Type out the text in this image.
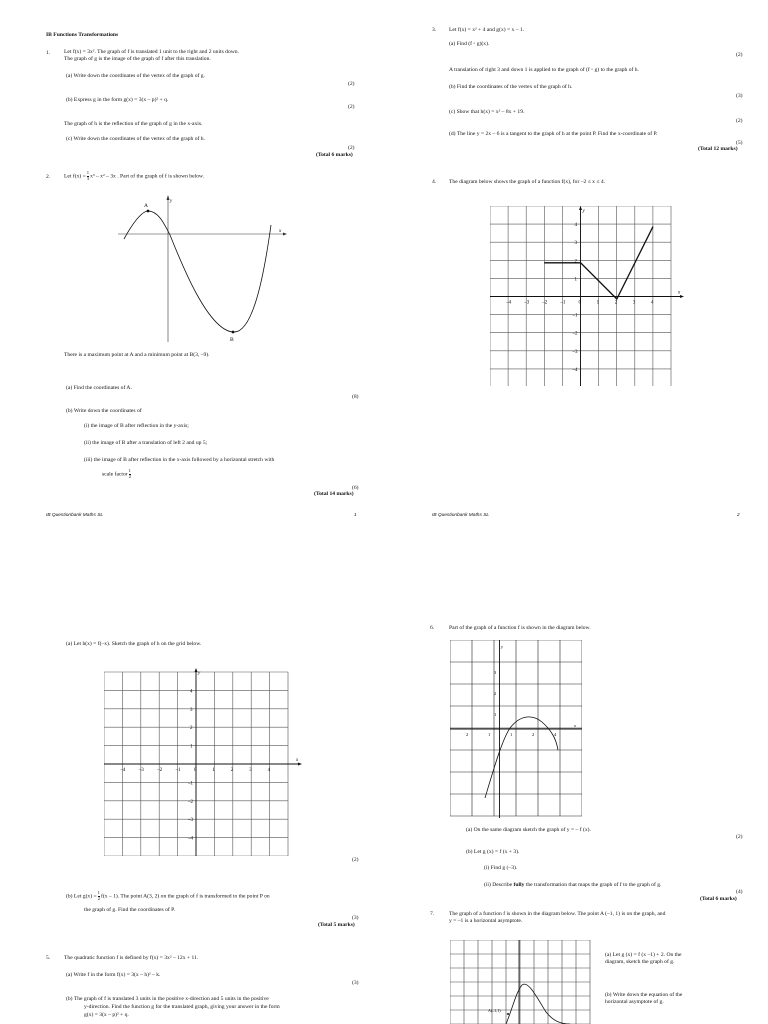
IB Functions Transformations
1. Let f(x) = 3x². The graph of f is translated 1 unit to the right and 2 units down.
The graph of g is the image of the graph of f after this translation.
(a) Write down the coordinates of the vertex of the graph of g.
(2)
(b) Express g in the form g(x) = 3(x – p)² + q.
(2)
The graph of h is the reflection of the graph of g in the x-axis.
(c) Write down the coordinates of the vertex of the graph of h.
(2)
(Total 6 marks)
2. Let $f(x) = \frac{1}{3} x^3 - x^2 - 3x$ . Part of the graph of f is shown below.
A
B
y
x
There is a maximum point at A and a minimum point at B(3, –9).
(a) Find the coordinates of A.
(8)
(b) Write down the coordinates of
(i) the image of B after reflection in the y-axis;
(ii) the image of B after a translation of left 2 and up 5;
(iii) the image of B after reflection in the x-axis followed by a horizontal stretch with
scale factor $\frac{1}{2}$
(6)
(Total 14 marks)
IB Questionbank Maths SL	1
3. Let f(x) = x² + 4 and g(x) = x – 1.
(a) Find (f ◦ g)(x).
(2)
A translation of right 3 and down 1 is applied to the graph of (f ◦ g) to the graph of h.
(b) Find the coordinates of the vertex of the graph of h.
(3)
(c) Show that h(x) = x² – 8x + 19.
(2)
(d) The line y = 2x – 6 is a tangent to the graph of h at the point P. Find the x-coordinate of P.
(5)
(Total 12 marks)
4. The diagram below shows the graph of a function f(x), for –2 ≤ x ≤ 4.
y
x
–4	–3	–2	–1	0	1	2	3	4
4
3
2
1
–1
–2
–3
–4
IB Questionbank Maths SL	2
(a) Let h(x) = f(–x). Sketch the graph of h on the grid below.
y
x
–4	–3	–2	–1	0	1	2	3	4
4
3
2
1
–1
–2
–3
–4
(2)
(b) Let $g(x) = \frac{1}{2} f(x - 1)$. The point A(3, 2) on the graph of f is transformed to the point P on
the graph of g. Find the coordinates of P.
(3)
(Total 5 marks)
5. The quadratic function f is defined by f(x) = 3x² – 12x + 11.
(a) Write f in the form f(x) = 3(x – h)² – k.
(3)
(b) The graph of f is translated 3 units in the positive x-direction and 5 units in the positive
y-direction. Find the function g for the translated graph, giving your answer in the form
g(x) = 3(x – p)² + q.
6.	Part of the graph of a function f is shown in the diagram below.
y
x
2	1	1	2	4
3
2
1
(a) On the same diagram sketch the graph of y = – f (x).
(2)
(b) Let g (x) = f (x + 3).
(i) Find g (–3).
(ii) Describe fully the transformation that maps the graph of f to the graph of g.
(4)
(Total 6 marks)
7.	The graph of a function f is shown in the diagram below. The point A (–1, 1) is on the graph, and
y = –1 is a horizontal asymptote.
A(–1,1)
(a) Let g (x) = f (x –1) + 2. On the
diagram, sketch the graph of g.
(b) Write down the equation of the
horizontal asymptote of g.
